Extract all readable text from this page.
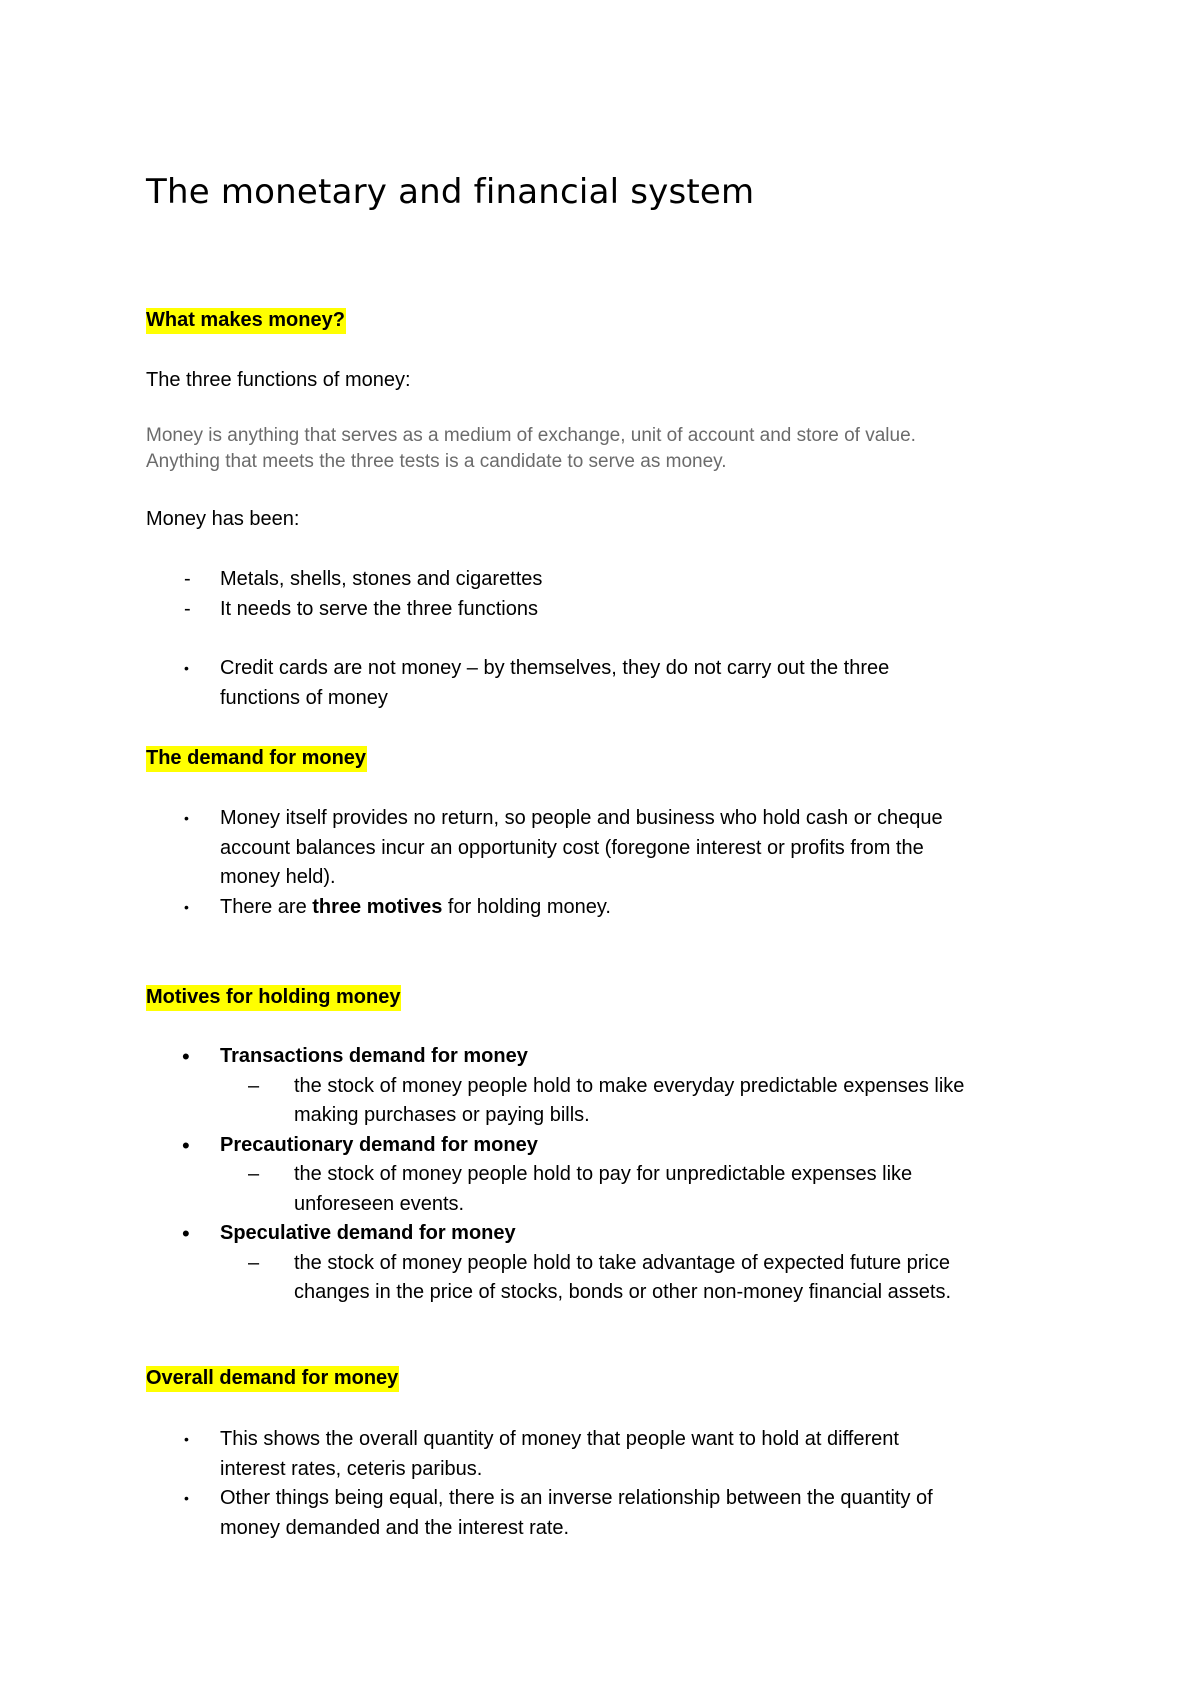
The monetary and financial system
What makes money?
The three functions of money:
Money is anything that serves as a medium of exchange, unit of account and store of value.
Anything that meets the three tests is a candidate to serve as money.
Money has been:
-	Metals, shells, stones and cigarettes
-	It needs to serve the three functions
•	Credit cards are not money – by themselves, they do not carry out the three
functions of money
The demand for money
•	Money itself provides no return, so people and business who hold cash or cheque
account balances incur an opportunity cost (foregone interest or profits from the
money held).
•	There are three motives for holding money.
Motives for holding money
•	Transactions demand for money
–	the stock of money people hold to make everyday predictable expenses like
making purchases or paying bills.
•	Precautionary demand for money
–	the stock of money people hold to pay for unpredictable expenses like
unforeseen events.
•	Speculative demand for money
–	the stock of money people hold to take advantage of expected future price
changes in the price of stocks, bonds or other non-money financial assets.
Overall demand for money
•	This shows the overall quantity of money that people want to hold at different
interest rates, ceteris paribus.
•	Other things being equal, there is an inverse relationship between the quantity of
money demanded and the interest rate.
